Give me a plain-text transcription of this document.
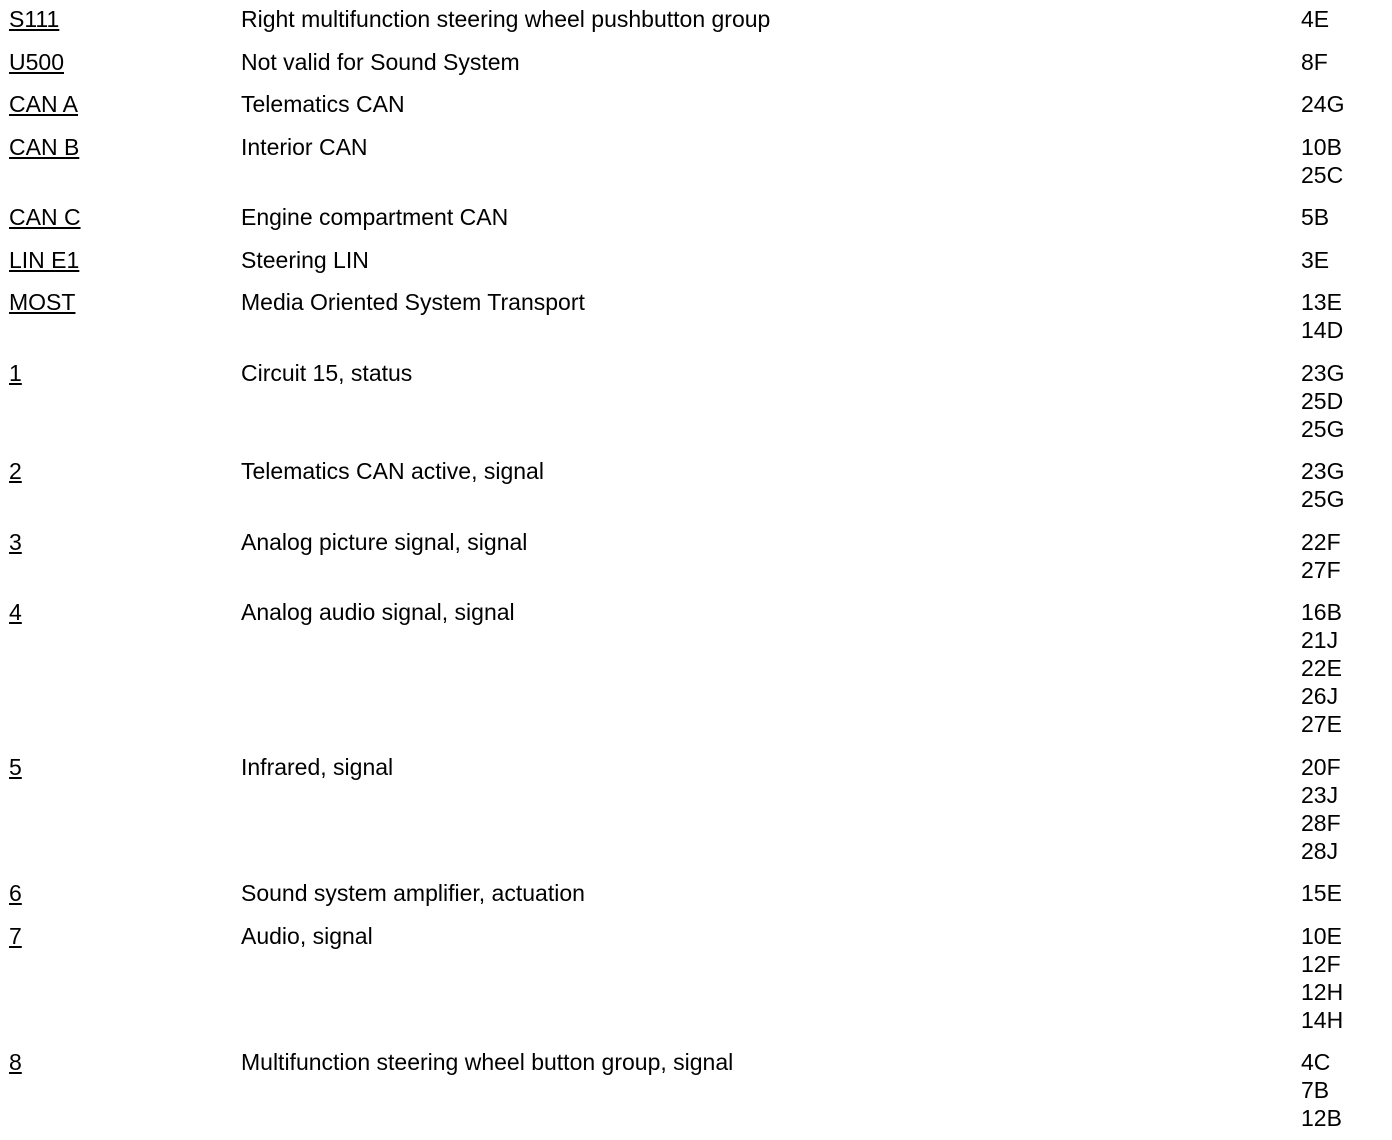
S111	Right multifunction steering wheel pushbutton group	4E
U500	Not valid for Sound System	8F
CAN A	Telematics CAN	24G
CAN B	Interior CAN	10B
25C
CAN C	Engine compartment CAN	5B
LIN E1	Steering LIN	3E
MOST	Media Oriented System Transport	13E
14D
1	Circuit 15, status	23G
25D
25G
2	Telematics CAN active, signal	23G
25G
3	Analog picture signal, signal	22F
27F
4	Analog audio signal, signal	16B
21J
22E
26J
27E
5	Infrared, signal	20F
23J
28F
28J
6	Sound system amplifier, actuation	15E
7	Audio, signal	10E
12F
12H
14H
8	Multifunction steering wheel button group, signal	4C
7B
12B
